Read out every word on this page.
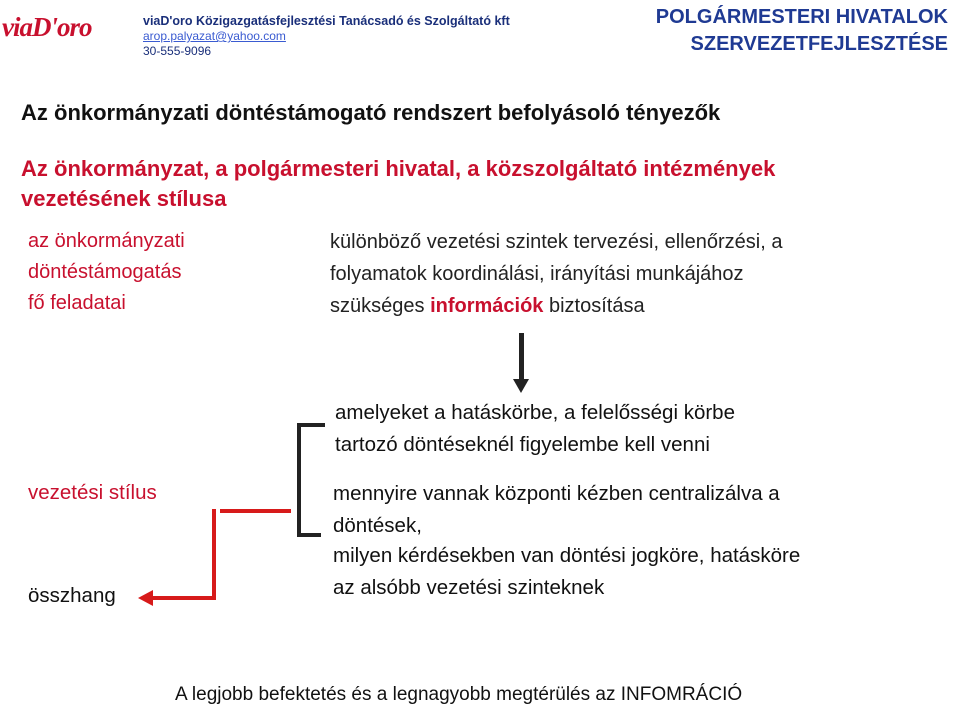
viaD'oro	viaD'oro Közigazgatásfejlesztési Tanácsadó és Szolgáltató kft
arop.palyazat@yahoo.com
30-555-9096
POLGÁRMESTERI HIVATALOK
SZERVEZETFEJLESZTÉSE
Az önkormányzati döntéstámogató rendszert befolyásoló tényezők
Az önkormányzat, a polgármesteri hivatal, a közszolgáltató intézmények vezetésének stílusa
az önkormányzati
döntéstámogatás
fő feladatai
különböző vezetési szintek tervezési, ellenőrzési, a
folyamatok koordinálási, irányítási munkájához
szükséges információk biztosítása
amelyeket a hatáskörbe, a felelősségi körbe
tartozó döntéseknél figyelembe kell venni
mennyire vannak központi kézben centralizálva a
döntések,
milyen kérdésekben van döntési jogköre, hatásköre
az alsóbb vezetési szinteknek
vezetési stílus
összhang
A legjobb befektetés és a legnagyobb megtérülés az INFOMRÁCIÓ
